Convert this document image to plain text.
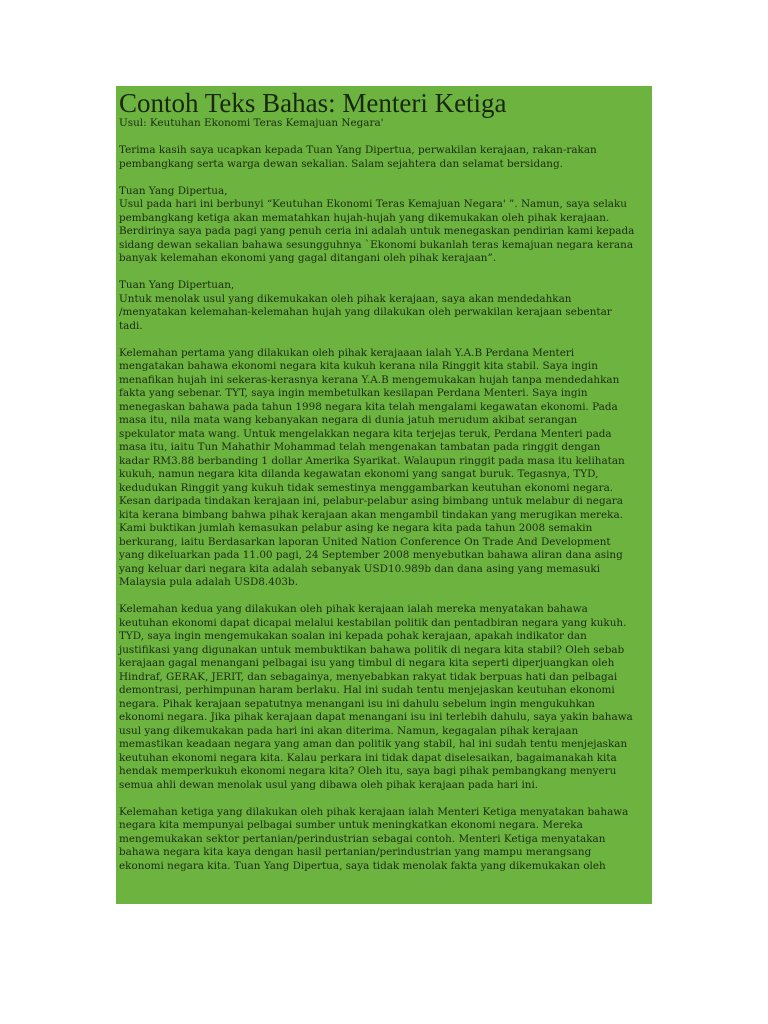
Contoh Teks Bahas: Menteri Ketiga

Usul: Keutuhan Ekonomi Teras Kemajuan Negara'

Terima kasih saya ucapkan kepada Tuan Yang Dipertua, perwakilan kerajaan, rakan-rakan
pembangkang serta warga dewan sekalian. Salam sejahtera dan selamat bersidang.

Tuan Yang Dipertua,
Usul pada hari ini berbunyi “Keutuhan Ekonomi Teras Kemajuan Negara' ”. Namun, saya selaku
pembangkang ketiga akan mematahkan hujah-hujah yang dikemukakan oleh pihak kerajaan.
Berdirinya saya pada pagi yang penuh ceria ini adalah untuk menegaskan pendirian kami kepada
sidang dewan sekalian bahawa sesungguhnya `Ekonomi bukanlah teras kemajuan negara kerana
banyak kelemahan ekonomi yang gagal ditangani oleh pihak kerajaan”.

Tuan Yang Dipertuan,
Untuk menolak usul yang dikemukakan oleh pihak kerajaan, saya akan mendedahkan
/menyatakan kelemahan-kelemahan hujah yang dilakukan oleh perwakilan kerajaan sebentar
tadi.

Kelemahan pertama yang dilakukan oleh pihak kerajaaan ialah Y.A.B Perdana Menteri
mengatakan bahawa ekonomi negara kita kukuh kerana nila Ringgit kita stabil. Saya ingin
menafikan hujah ini sekeras-kerasnya kerana Y.A.B mengemukakan hujah tanpa mendedahkan
fakta yang sebenar. TYT, saya ingin membetulkan kesilapan Perdana Menteri. Saya ingin
menegaskan bahawa pada tahun 1998 negara kita telah mengalami kegawatan ekonomi. Pada
masa itu, nila mata wang kebanyakan negara di dunia jatuh merudum akibat serangan
spekulator mata wang. Untuk mengelakkan negara kita terjejas teruk, Perdana Menteri pada
masa itu, iaitu Tun Mahathir Mohammad telah mengenakan tambatan pada ringgit dengan
kadar RM3.88 berbanding 1 dollar Amerika Syarikat. Walaupun ringgit pada masa itu kelihatan
kukuh, namun negara kita dilanda kegawatan ekonomi yang sangat buruk. Tegasnya, TYD,
kedudukan Ringgit yang kukuh tidak semestinya menggambarkan keutuhan ekonomi negara.
Kesan daripada tindakan kerajaan ini, pelabur-pelabur asing bimbang untuk melabur di negara
kita kerana bimbang bahwa pihak kerajaan akan mengambil tindakan yang merugikan mereka.
Kami buktikan jumlah kemasukan pelabur asing ke negara kita pada tahun 2008 semakin
berkurang, iaitu Berdasarkan laporan United Nation Conference On Trade And Development
yang dikeluarkan pada 11.00 pagi, 24 September 2008 menyebutkan bahawa aliran dana asing
yang keluar dari negara kita adalah sebanyak USD10.989b dan dana asing yang memasuki
Malaysia pula adalah USD8.403b.

Kelemahan kedua yang dilakukan oleh pihak kerajaan ialah mereka menyatakan bahawa
keutuhan ekonomi dapat dicapai melalui kestabilan politik dan pentadbiran negara yang kukuh.
TYD, saya ingin mengemukakan soalan ini kepada pohak kerajaan, apakah indikator dan
justifikasi yang digunakan untuk membuktikan bahawa politik di negara kita stabil? Oleh sebab
kerajaan gagal menangani pelbagai isu yang timbul di negara kita seperti diperjuangkan oleh
Hindraf, GERAK, JERIT, dan sebagainya, menyebabkan rakyat tidak berpuas hati dan pelbagai
demontrasi, perhimpunan haram berlaku. Hal ini sudah tentu menjejaskan keutuhan ekonomi
negara. Pihak kerajaan sepatutnya menangani isu ini dahulu sebelum ingin mengukuhkan
ekonomi negara. Jika pihak kerajaan dapat menangani isu ini terlebih dahulu, saya yakin bahawa
usul yang dikemukakan pada hari ini akan diterima. Namun, kegagalan pihak kerajaan
memastikan keadaan negara yang aman dan politik yang stabil, hal ini sudah tentu menjejaskan
keutuhan ekonomi negara kita. Kalau perkara ini tidak dapat diselesaikan, bagaimanakah kita
hendak memperkukuh ekonomi negara kita? Oleh itu, saya bagi pihak pembangkang menyeru
semua ahli dewan menolak usul yang dibawa oleh pihak kerajaan pada hari ini.

Kelemahan ketiga yang dilakukan oleh pihak kerajaan ialah Menteri Ketiga menyatakan bahawa
negara kita mempunyai pelbagai sumber untuk meningkatkan ekonomi negara. Mereka
mengemukakan sektor pertanian/perindustrian sebagai contoh. Menteri Ketiga menyatakan
bahawa negara kita kaya dengan hasil pertanian/perindustrian yang mampu merangsang
ekonomi negara kita. Tuan Yang Dipertua, saya tidak menolak fakta yang dikemukakan oleh
